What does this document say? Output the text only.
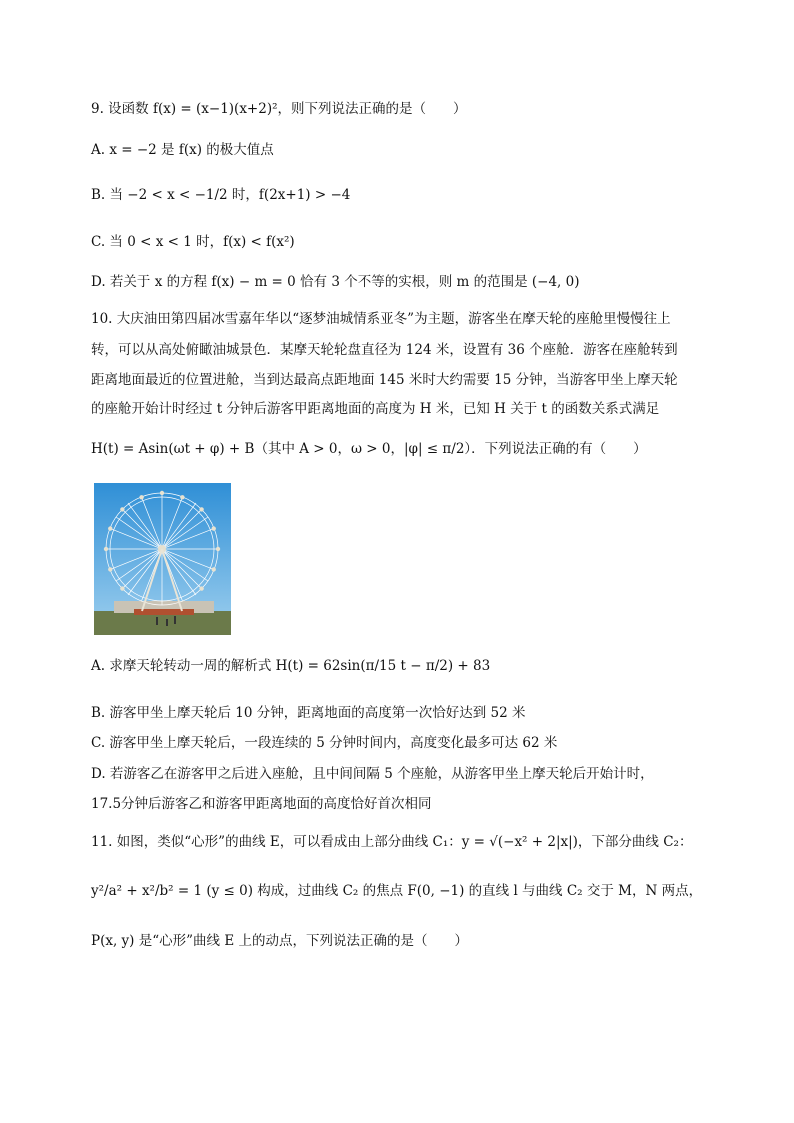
9. 设函数 f(x) = (x−1)(x+2)²，则下列说法正确的是（　　）
A. x = −2 是 f(x) 的极大值点
B. 当 −2 < x < −1/2 时，f(2x+1) > −4
C. 当 0 < x < 1 时，f(x) < f(x²)
D. 若关于 x 的方程 f(x) − m = 0 恰有 3 个不等的实根，则 m 的范围是 (−4, 0)
10. 大庆油田第四届冰雪嘉年华以“逐梦油城情系亚冬”为主题，游客坐在摩天轮的座舱里慢慢往上
转，可以从高处俯瞰油城景色．某摩天轮轮盘直径为 124 米，设置有 36 个座舱．游客在座舱转到
距离地面最近的位置进舱，当到达最高点距地面 145 米时大约需要 15 分钟，当游客甲坐上摩天轮
的座舱开始计时经过 t 分钟后游客甲距离地面的高度为 H 米，已知 H 关于 t 的函数关系式满足
H(t) = Asin(ωt + φ) + B（其中 A > 0，ω > 0，|φ| ≤ π/2）．下列说法正确的有（　　）
A. 求摩天轮转动一周的解析式 H(t) = 62sin(π/15 t − π/2) + 83
B. 游客甲坐上摩天轮后 10 分钟，距离地面的高度第一次恰好达到 52 米
C. 游客甲坐上摩天轮后，一段连续的 5 分钟时间内，高度变化最多可达 62 米
D. 若游客乙在游客甲之后进入座舱，且中间间隔 5 个座舱，从游客甲坐上摩天轮后开始计时，
17.5分钟后游客乙和游客甲距离地面的高度恰好首次相同
11. 如图，类似“心形”的曲线 E，可以看成由上部分曲线 C₁：y = √(−x² + 2|x|)，下部分曲线 C₂：
y²/a² + x²/b² = 1 (y ≤ 0) 构成，过曲线 C₂ 的焦点 F(0, −1) 的直线 l 与曲线 C₂ 交于 M，N 两点，
P(x, y) 是“心形”曲线 E 上的动点，下列说法正确的是（　　）
